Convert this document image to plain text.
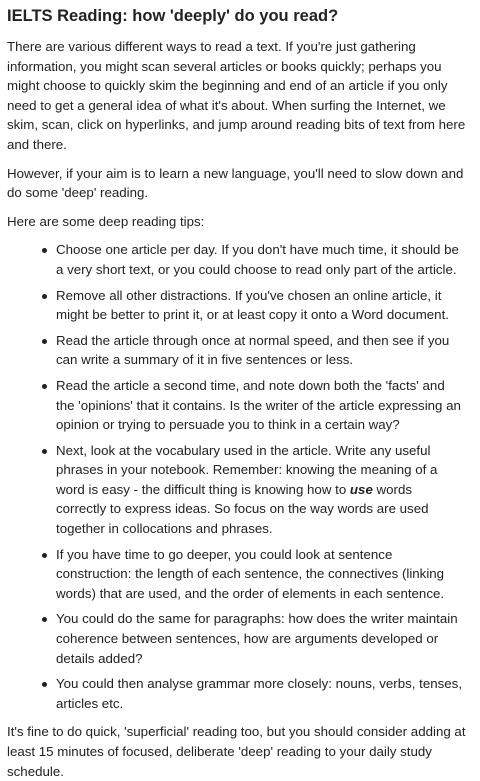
IELTS Reading: how 'deeply' do you read?

There are various different ways to read a text. If you're just gathering information, you might scan several articles or books quickly; perhaps you might choose to quickly skim the beginning and end of an article if you only need to get a general idea of what it's about. When surfing the Internet, we skim, scan, click on hyperlinks, and jump around reading bits of text from here and there.

However, if your aim is to learn a new language, you'll need to slow down and do some 'deep' reading.

Here are some deep reading tips:

Choose one article per day. If you don't have much time, it should be a very short text, or you could choose to read only part of the article.
Remove all other distractions. If you've chosen an online article, it might be better to print it, or at least copy it onto a Word document.
Read the article through once at normal speed, and then see if you can write a summary of it in five sentences or less.
Read the article a second time, and note down both the 'facts' and the 'opinions' that it contains. Is the writer of the article expressing an opinion or trying to persuade you to think in a certain way?
Next, look at the vocabulary used in the article. Write any useful phrases in your notebook. Remember: knowing the meaning of a word is easy - the difficult thing is knowing how to use words correctly to express ideas. So focus on the way words are used together in collocations and phrases.
If you have time to go deeper, you could look at sentence construction: the length of each sentence, the connectives (linking words) that are used, and the order of elements in each sentence.
You could do the same for paragraphs: how does the writer maintain coherence between sentences, how are arguments developed or details added?
You could then analyse grammar more closely: nouns, verbs, tenses, articles etc.

It's fine to do quick, 'superficial' reading too, but you should consider adding at least 15 minutes of focused, deliberate 'deep' reading to your daily study schedule.
